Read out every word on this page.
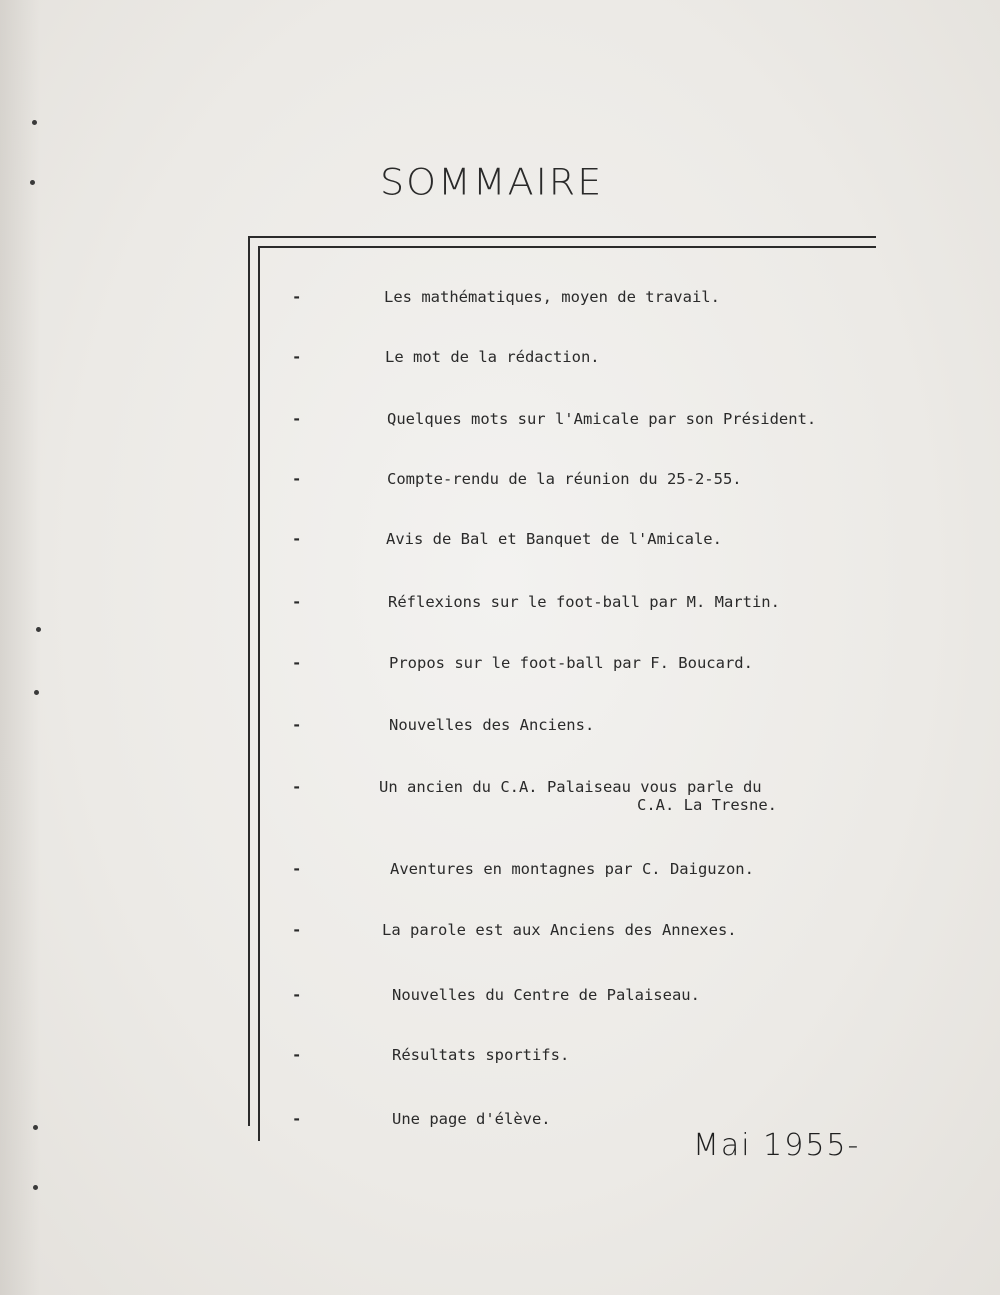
SOMMAIRE
-	Les mathématiques, moyen de travail.
-	Le mot de la rédaction.
-	Quelques mots sur l'Amicale par son Président.
-	Compte-rendu de la réunion du 25-2-55.
-	Avis de Bal et Banquet de l'Amicale.
-	Réflexions sur le foot-ball par M. Martin.
-	Propos sur le foot-ball par F. Boucard.
-	Nouvelles des Anciens.
-	Un ancien du C.A. Palaiseau vous parle du
C.A. La Tresne.
-	Aventures en montagnes par C. Daiguzon.
-	La parole est aux Anciens des Annexes.
-	Nouvelles du Centre de Palaiseau.
-	Résultats sportifs.
-	Une page d'élève.
Mai 1955-
